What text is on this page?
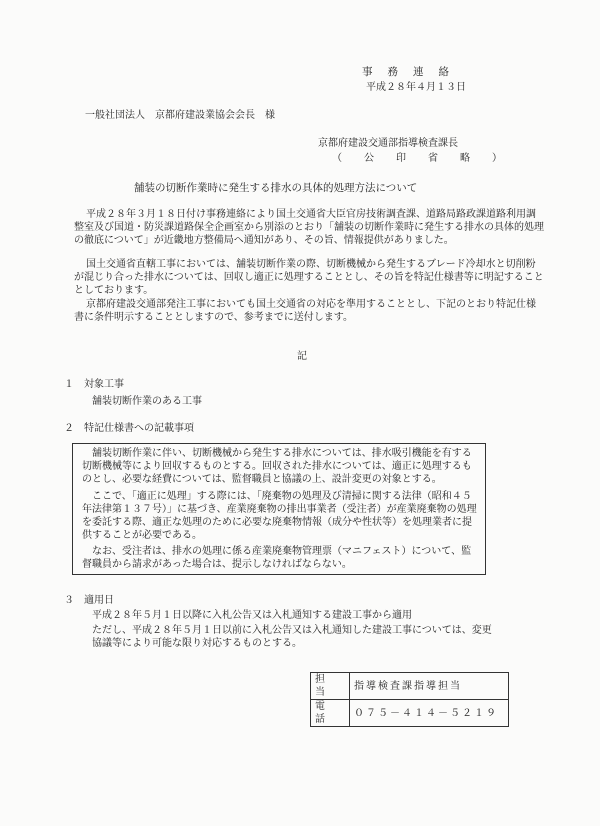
事務連絡
平成２８年４月１３日
一般社団法人　京都府建設業協会会長　様
京都府建設交通部指導検査課長
（　公　印　省　略　）
舗装の切断作業時に発生する排水の具体的処理方法について
平成２８年３月１８日付け事務連絡により国土交通省大臣官房技術調査課、道路局路政課道路利用調整室及び国道・防災課道路保全企画室から別添のとおり「舗装の切断作業時に発生する排水の具体的処理の徹底について」が近畿地方整備局へ通知があり、その旨、情報提供がありました。
国土交通省直轄工事においては、舗装切断作業の際、切断機械から発生するブレード冷却水と切削粉が混じり合った排水については、回収し適正に処理することとし、その旨を特記仕様書等に明記することとしております。
京都府建設交通部発注工事においても国土交通省の対応を準用することとし、下記のとおり特記仕様書に条件明示することとしますので、参考までに送付します。
記
１　対象工事
舗装切断作業のある工事
２　特記仕様書への記載事項
舗装切断作業に伴い、切断機械から発生する排水については、排水吸引機能を有する切断機械等により回収するものとする。回収された排水については、適正に処理するものとし、必要な経費については、監督職員と協議の上、設計変更の対象とする。
ここで、「適正に処理」する際には、「廃棄物の処理及び清掃に関する法律（昭和４５年法律第１３７号）」に基づき、産業廃棄物の排出事業者（受注者）が産業廃棄物の処理を委託する際、適正な処理のために必要な廃棄物情報（成分や性状等）を処理業者に提供することが必要である。
なお、受注者は、排水の処理に係る産業廃棄物管理票（マニフェスト）について、監督職員から請求があった場合は、提示しなければならない。
３　適用日
平成２８年５月１日以降に入札公告又は入札通知する建設工事から適用
ただし、平成２８年５月１日以前に入札公告又は入札通知した建設工事については、変更協議等により可能な限り対応するものとする。
担当	指導検査課指導担当
電話	０７５－４１４－５２１９
